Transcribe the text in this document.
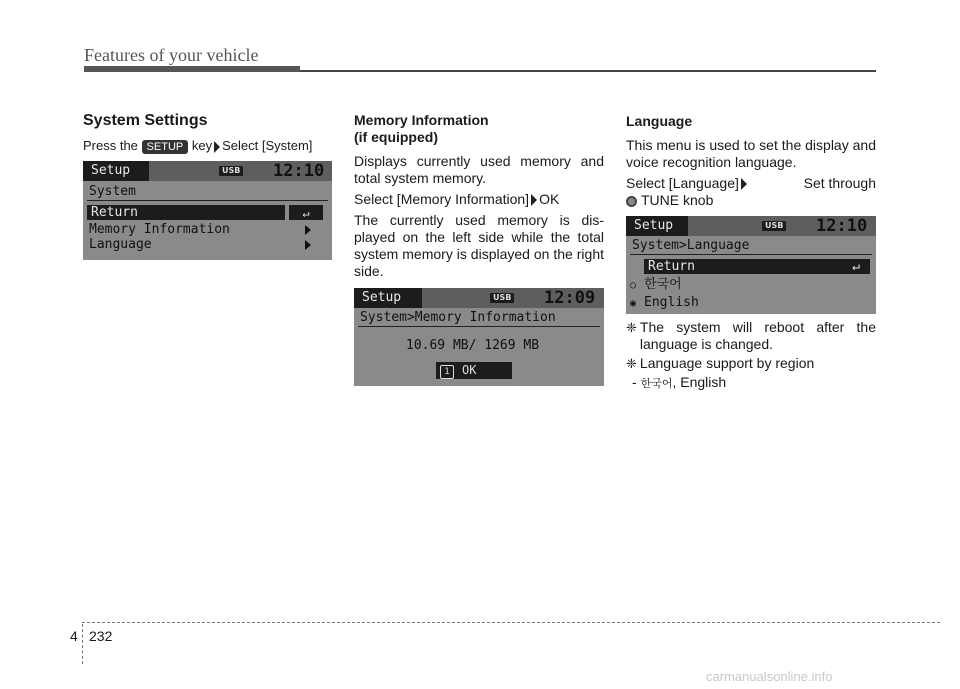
Features of your vehicle
System Settings
Press the SETUP key Select [System]
Setup	USB 12:10
System
Return	↵
Memory Information
Language
Memory Information
(if equipped)
Displays currently used memory and total system memory.
Select [Memory Information] OK
The currently used memory is dis-played on the left side while the total system memory is displayed on the right side.
Setup	USB 12:09
System>Memory Information
10.69 MB/ 1269 MB
1 OK
Language
This menu is used to set the display and voice recognition language.
Select [Language]	Set through
TUNE knob
Setup	USB 12:10
System>Language
Return	↵
○ 한국어
◉ English
❈ The system will reboot after the language is changed.
❈ Language support by region
- 한국어, English
4 232
carmanualsonline.info
